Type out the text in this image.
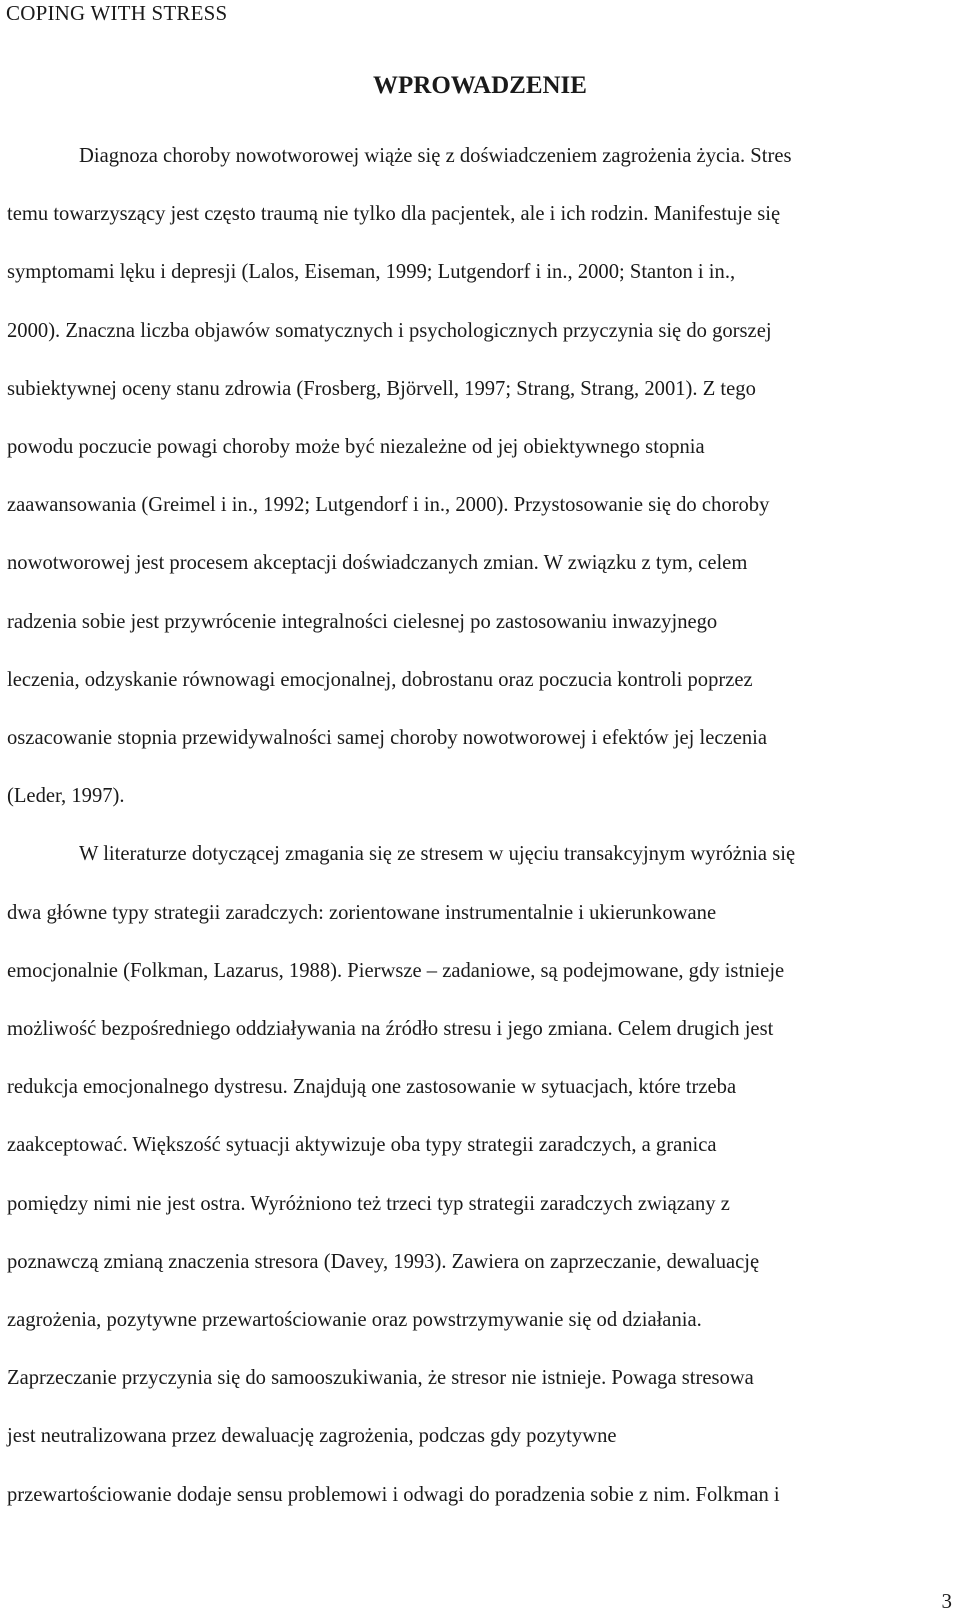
COPING WITH STRESS
WPROWADZENIE

Diagnoza choroby nowotworowej wiąże się z doświadczeniem zagrożenia życia. Stres
temu towarzyszący jest często traumą nie tylko dla pacjentek, ale i ich rodzin. Manifestuje się
symptomami lęku i depresji (Lalos, Eiseman, 1999; Lutgendorf i in., 2000; Stanton i in.,
2000). Znaczna liczba objawów somatycznych i psychologicznych przyczynia się do gorszej
subiektywnej oceny stanu zdrowia (Frosberg, Björvell, 1997; Strang, Strang, 2001). Z tego
powodu poczucie powagi choroby może być niezależne od jej obiektywnego stopnia
zaawansowania (Greimel i in., 1992; Lutgendorf i in., 2000). Przystosowanie się do choroby
nowotworowej jest procesem akceptacji doświadczanych zmian. W związku z tym, celem
radzenia sobie jest przywrócenie integralności cielesnej po zastosowaniu inwazyjnego
leczenia, odzyskanie równowagi emocjonalnej, dobrostanu oraz poczucia kontroli poprzez
oszacowanie stopnia przewidywalności samej choroby nowotworowej i efektów jej leczenia
(Leder, 1997).

W literaturze dotyczącej zmagania się ze stresem w ujęciu transakcyjnym wyróżnia się
dwa główne typy strategii zaradczych: zorientowane instrumentalnie i ukierunkowane
emocjonalnie (Folkman, Lazarus, 1988). Pierwsze – zadaniowe, są podejmowane, gdy istnieje
możliwość bezpośredniego oddziaływania na źródło stresu i jego zmiana. Celem drugich jest
redukcja emocjonalnego dystresu. Znajdują one zastosowanie w sytuacjach, które trzeba
zaakceptować. Większość sytuacji aktywizuje oba typy strategii zaradczych, a granica
pomiędzy nimi nie jest ostra. Wyróżniono też trzeci typ strategii zaradczych związany z
poznawczą zmianą znaczenia stresora (Davey, 1993). Zawiera on zaprzeczanie, dewaluację
zagrożenia, pozytywne przewartościowanie oraz powstrzymywanie się od działania.
Zaprzeczanie przyczynia się do samooszukiwania, że stresor nie istnieje. Powaga stresowa
jest neutralizowana przez dewaluację zagrożenia, podczas gdy pozytywne
przewartościowanie dodaje sensu problemowi i odwagi do poradzenia sobie z nim. Folkman i

3
